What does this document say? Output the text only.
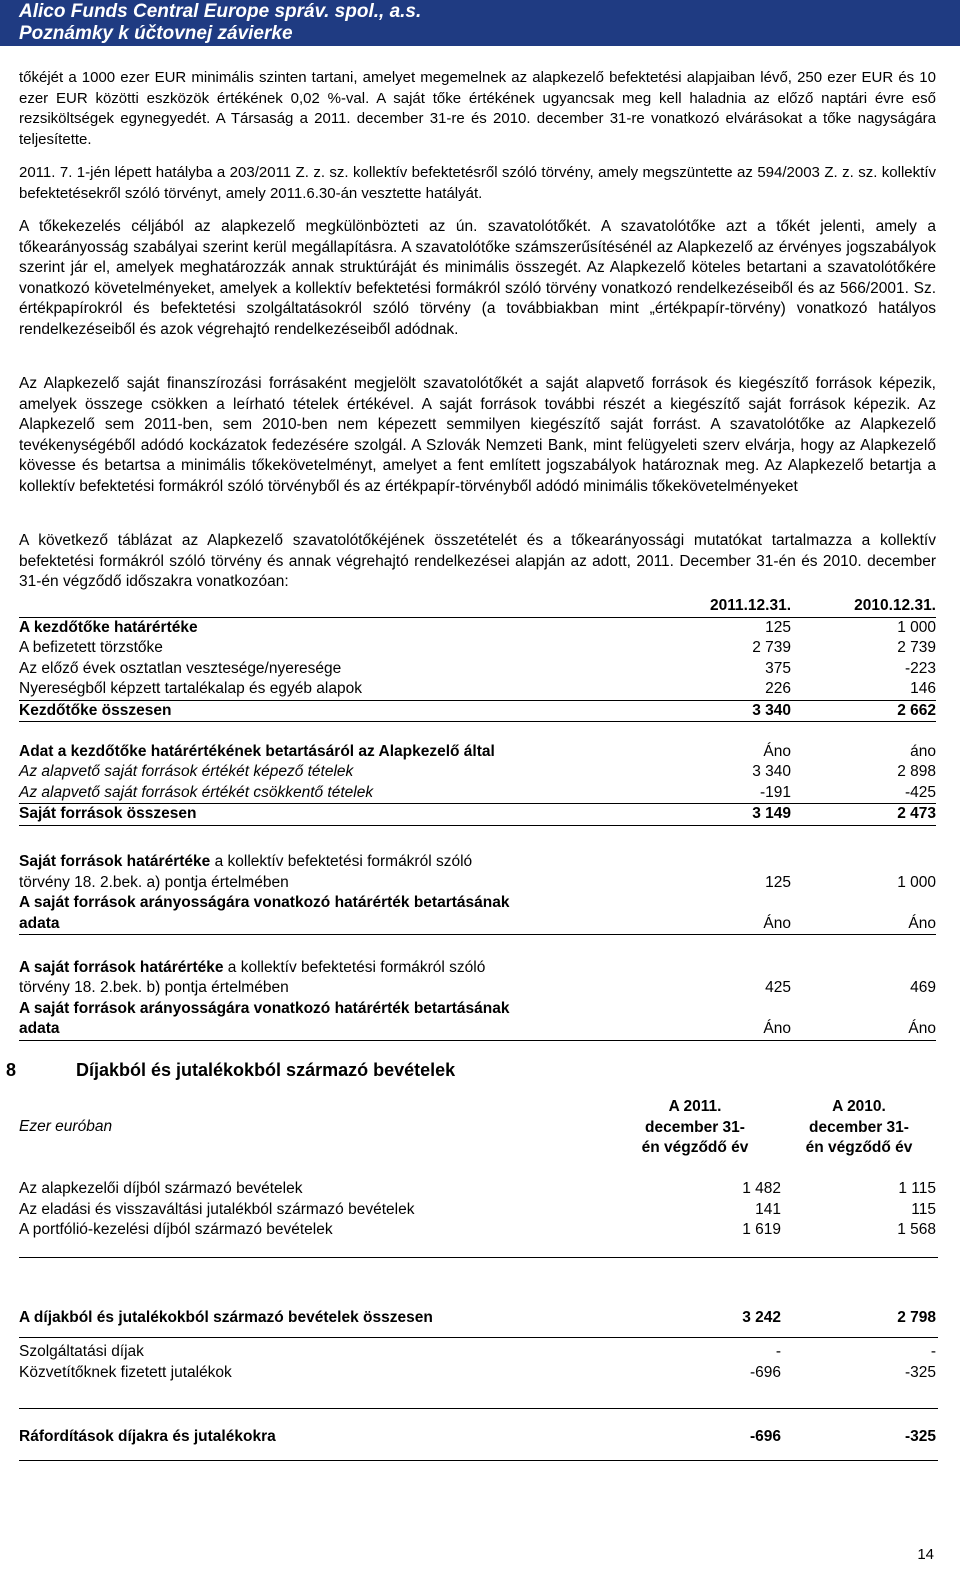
Alico Funds Central Europe správ. spol., a.s.
Poznámky k účtovnej závierke

tőkéjét a 1000 ezer EUR minimális szinten tartani, amelyet megemelnek az alapkezelő befektetési alapjaiban lévő, 250 ezer EUR és 10 ezer EUR közötti eszközök értékének 0,02 %-val. A saját tőke értékének ugyancsak meg kell haladnia az előző naptári évre eső rezsiköltségek egynegyedét. A Társaság a 2011. december 31-re és 2010. december 31-re vonatkozó elvárásokat a tőke nagyságára teljesítette.

2011. 7. 1-jén lépett hatályba a 203/2011 Z. z. sz. kollektív befektetésről szóló törvény, amely megszüntette az 594/2003 Z. z. sz. kollektív befektetésekről szóló törvényt, amely 2011.6.30-án vesztette hatályát.

A tőkekezelés céljából az alapkezelő megkülönbözteti az ún. szavatolótőkét. A szavatolótőke azt a tőkét jelenti, amely a tőkearányosság szabályai szerint kerül megállapításra. A szavatolótőke számszerűsítésénél az Alapkezelő az érvényes jogszabályok szerint jár el, amelyek meghatározzák annak struktúráját és minimális összegét. Az Alapkezelő köteles betartani a szavatolótőkére vonatkozó követelményeket, amelyek a kollektív befektetési formákról szóló törvény vonatkozó rendelkezéseiből és az 566/2001. Sz. értékpapírokról és befektetési szolgáltatásokról szóló törvény (a továbbiakban mint „értékpapír-törvény) vonatkozó hatályos rendelkezéseiből és azok végrehajtó rendelkezéseiből adódnak.

Az Alapkezelő saját finanszírozási forrásaként megjelölt szavatolótőkét a saját alapvető források és kiegészítő források képezik, amelyek összege csökken a leírható tételek értékével. A saját források további részét a kiegészítő saját források képezik. Az Alapkezelő sem 2011-ben, sem 2010-ben nem képezett semmilyen kiegészítő saját forrást. A szavatolótőke az Alapkezelő tevékenységéből adódó kockázatok fedezésére szolgál. A Szlovák Nemzeti Bank, mint felügyeleti szerv elvárja, hogy az Alapkezelő kövesse és betartsa a minimális tőkekövetelményt, amelyet a fent említett jogszabályok határoznak meg. Az Alapkezelő betartja a kollektív befektetési formákról szóló törvényből és az értékpapír-törvényből adódó minimális tőkekövetelményeket

A következő táblázat az Alapkezelő szavatolótőkéjének összetételét és a tőkearányossági mutatókat tartalmazza a kollektív befektetési formákról szóló törvény és annak végrehajtó rendelkezései alapján az adott, 2011. December 31-én és 2010. december 31-én végződő időszakra vonatkozóan:

	2011.12.31.	2010.12.31.
A kezdőtőke határértéke	125	1 000
A befizetett törzstőke	2 739	2 739
Az előző évek osztatlan vesztesége/nyeresége	375	-223
Nyereségből képzett tartalékalap és egyéb alapok	226	146
Kezdőtőke összesen	3 340	2 662

Adat a kezdőtőke határértékének betartásáról az Alapkezelő által	Áno	áno
Az alapvető saját források értékét képező tételek	3 340	2 898
Az alapvető saját források értékét csökkentő tételek	-191	-425
Saját források összesen	3 149	2 473

Saját források határértéke a kollektív befektetési formákról szóló		
törvény 18. 2.bek. a) pontja értelmében	125	1 000
A saját források arányosságára vonatkozó határérték betartásának		
adata	Áno	Áno

A saját források határértéke a kollektív befektetési formákról szóló		
törvény 18. 2.bek. b) pontja értelmében	425	469
A saját források arányosságára vonatkozó határérték betartásának		
adata	Áno	Áno
8	Díjakból és jutalékokból származó bevételek
Ezer euróban
A 2011.
december 31-
én végződő év
A 2010.
december 31-
én végződő év
Az alapkezelői díjból származó bevételek	1 482	1 115
Az eladási és visszaváltási jutalékból származó bevételek	141	115
A portfólió-kezelési díjból származó bevételek	1 619	1 568
A díjakból és jutalékokból származó bevételek összesen	3 242	2 798
Szolgáltatási díjak	-	-
Közvetítőknek fizetett jutalékok	-696	-325
Ráfordítások díjakra és jutalékokra	-696	-325
14
